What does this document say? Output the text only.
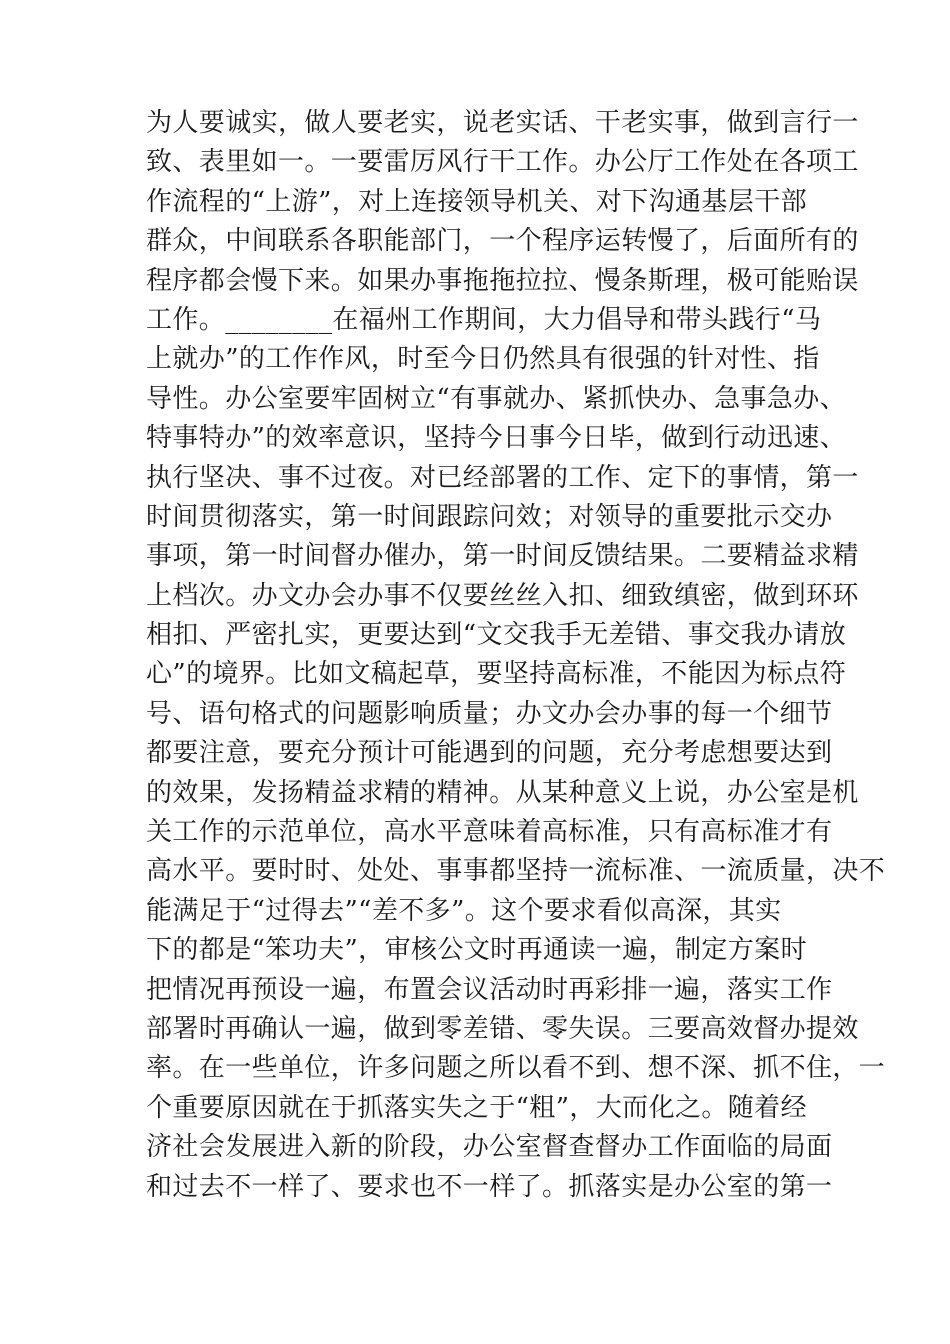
为人要诚实，做人要老实，说老实话、干老实事，做到言行一
致、表里如一。一要雷厉风行干工作。办公厅工作处在各项工
作流程的“上游”，对上连接领导机关、对下沟通基层干部
群众，中间联系各职能部门，一个程序运转慢了，后面所有的
程序都会慢下来。如果办事拖拖拉拉、慢条斯理，极可能贻误
工作。________在福州工作期间，大力倡导和带头践行“马
上就办”的工作作风，时至今日仍然具有很强的针对性、指
导性。办公室要牢固树立“有事就办、紧抓快办、急事急办、
特事特办”的效率意识，坚持今日事今日毕，做到行动迅速、
执行坚决、事不过夜。对已经部署的工作、定下的事情，第一
时间贯彻落实，第一时间跟踪问效；对领导的重要批示交办
事项，第一时间督办催办，第一时间反馈结果。二要精益求精
上档次。办文办会办事不仅要丝丝入扣、细致缜密，做到环环
相扣、严密扎实，更要达到“文交我手无差错、事交我办请放
心”的境界。比如文稿起草，要坚持高标准，不能因为标点符
号、语句格式的问题影响质量；办文办会办事的每一个细节
都要注意，要充分预计可能遇到的问题，充分考虑想要达到
的效果，发扬精益求精的精神。从某种意义上说，办公室是机
关工作的示范单位，高水平意味着高标准，只有高标准才有
高水平。要时时、处处、事事都坚持一流标准、一流质量，决不
能满足于“过得去”“差不多”。这个要求看似高深，其实
下的都是“笨功夫”，审核公文时再通读一遍，制定方案时
把情况再预设一遍，布置会议活动时再彩排一遍，落实工作
部署时再确认一遍，做到零差错、零失误。三要高效督办提效
率。在一些单位，许多问题之所以看不到、想不深、抓不住，一
个重要原因就在于抓落实失之于“粗”，大而化之。随着经
济社会发展进入新的阶段，办公室督查督办工作面临的局面
和过去不一样了、要求也不一样了。抓落实是办公室的第一
